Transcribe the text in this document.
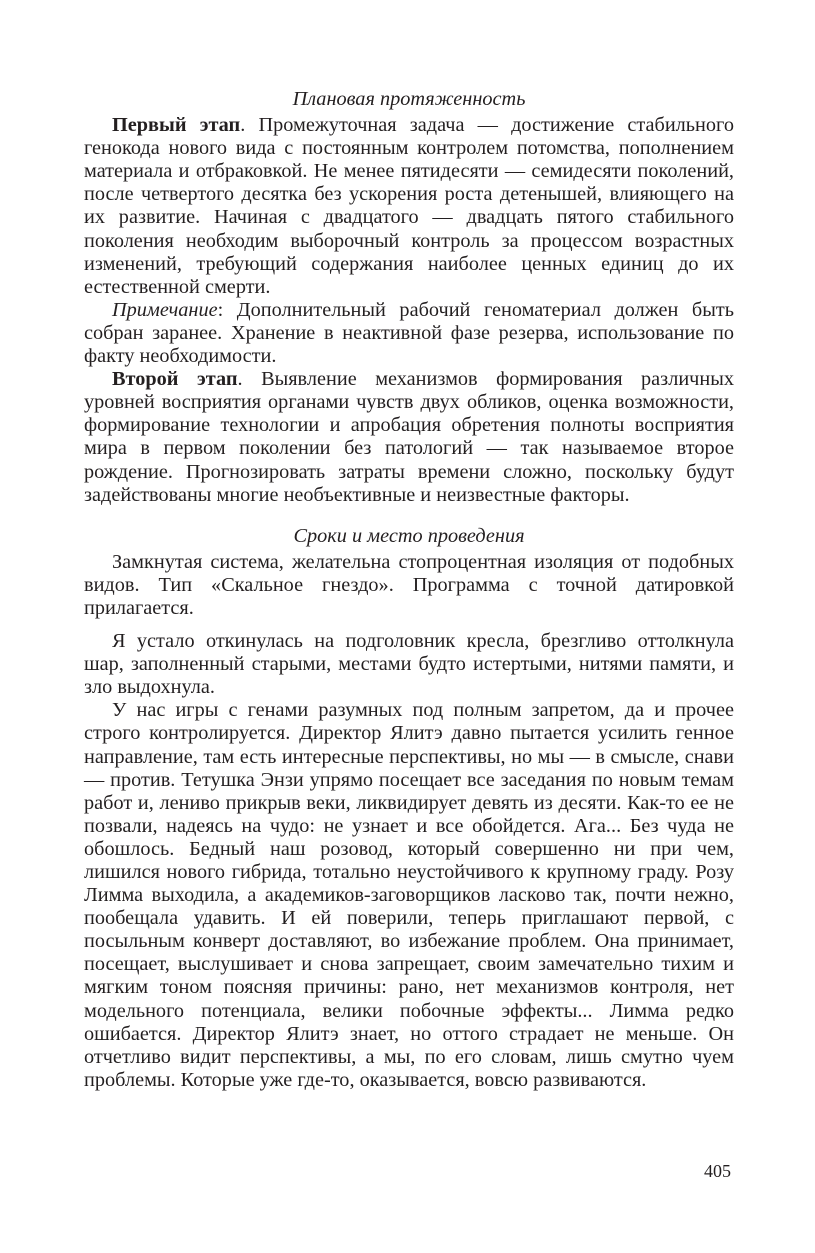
Плановая протяженность

Первый этап. Промежуточная задача — достижение стабильного генокода нового вида с постоянным контролем потомства, пополнением материала и отбраковкой. Не менее пятидесяти — семидесяти поколений, после четвертого десятка без ускорения роста детенышей, влияющего на их развитие. Начиная с двадцатого — двадцать пятого стабильного поколения необходим выборочный контроль за процессом возрастных изменений, требующий содержания наиболее ценных единиц до их естественной смерти.

Примечание: Дополнительный рабочий геноматериал должен быть собран заранее. Хранение в неактивной фазе резерва, использование по факту необходимости.

Второй этап. Выявление механизмов формирования различных уровней восприятия органами чувств двух обликов, оценка возможности, формирование технологии и апробация обретения полноты восприятия мира в первом поколении без патологий — так называемое второе рождение. Прогнозировать затраты времени сложно, поскольку будут задействованы многие необъективные и неизвестные факторы.

Сроки и место проведения

Замкнутая система, желательна стопроцентная изоляция от подобных видов. Тип «Скальное гнездо». Программа с точной датировкой прилагается.

Я устало откинулась на подголовник кресла, брезгливо оттолкнула шар, заполненный старыми, местами будто истертыми, нитями памяти, и зло выдохнула.

У нас игры с генами разумных под полным запретом, да и прочее строго контролируется. Директор Ялитэ давно пытается усилить генное направление, там есть интересные перспективы, но мы — в смысле, снави — против. Тетушка Энзи упрямо посещает все заседания по новым темам работ и, лениво прикрыв веки, ликвидирует девять из десяти. Как-то ее не позвали, надеясь на чудо: не узнает и все обойдется. Ага... Без чуда не обошлось. Бедный наш розовод, который совершенно ни при чем, лишился нового гибрида, тотально неустойчивого к крупному граду. Розу Лимма выходила, а академиков-заговорщиков ласково так, почти нежно, пообещала удавить. И ей поверили, теперь приглашают первой, с посыльным конверт доставляют, во избежание проблем. Она принимает, посещает, выслушивает и снова запрещает, своим замечательно тихим и мягким тоном поясняя причины: рано, нет механизмов контроля, нет модельного потенциала, велики побочные эффекты... Лимма редко ошибается. Директор Ялитэ знает, но оттого страдает не меньше. Он отчетливо видит перспективы, а мы, по его словам, лишь смутно чуем проблемы. Которые уже где-то, оказывается, вовсю развиваются.

405
